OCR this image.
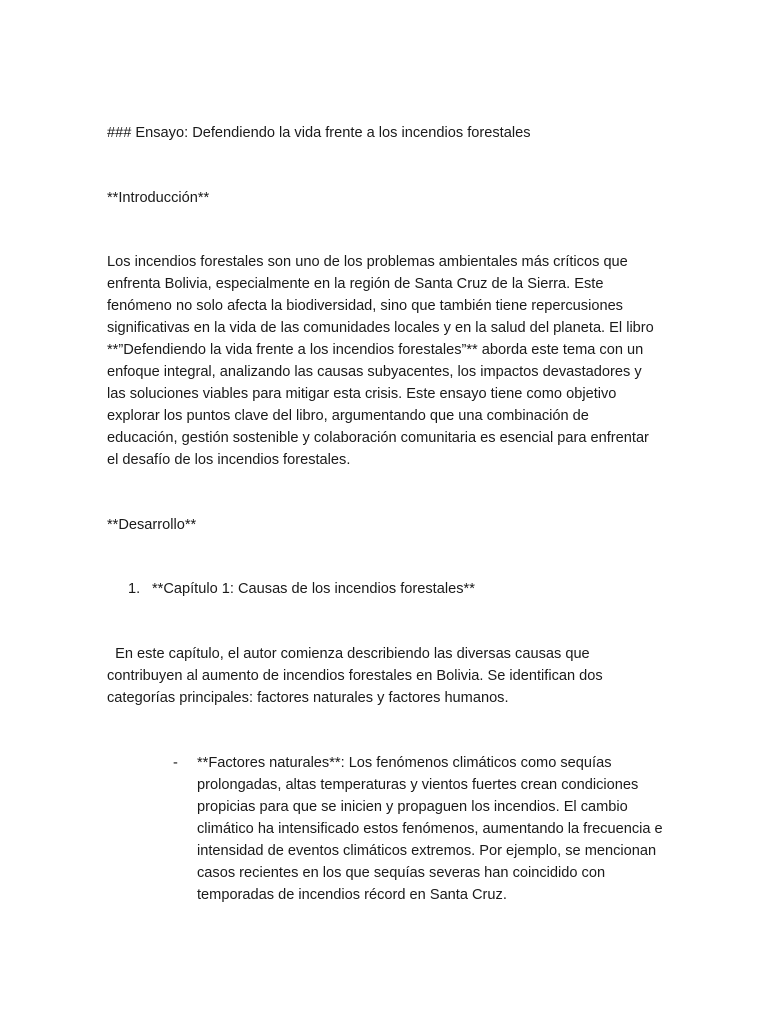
### Ensayo: Defendiendo la vida frente a los incendios forestales

**Introducción**

Los incendios forestales son uno de los problemas ambientales más críticos que enfrenta Bolivia, especialmente en la región de Santa Cruz de la Sierra. Este fenómeno no solo afecta la biodiversidad, sino que también tiene repercusiones significativas en la vida de las comunidades locales y en la salud del planeta. El libro **”Defendiendo la vida frente a los incendios forestales”** aborda este tema con un enfoque integral, analizando las causas subyacentes, los impactos devastadores y las soluciones viables para mitigar esta crisis. Este ensayo tiene como objetivo explorar los puntos clave del libro, argumentando que una combinación de educación, gestión sostenible y colaboración comunitaria es esencial para enfrentar el desafío de los incendios forestales.

**Desarrollo**

1. **Capítulo 1: Causas de los incendios forestales**

En este capítulo, el autor comienza describiendo las diversas causas que contribuyen al aumento de incendios forestales en Bolivia. Se identifican dos categorías principales: factores naturales y factores humanos.

- **Factores naturales**: Los fenómenos climáticos como sequías prolongadas, altas temperaturas y vientos fuertes crean condiciones propicias para que se inicien y propaguen los incendios. El cambio climático ha intensificado estos fenómenos, aumentando la frecuencia e intensidad de eventos climáticos extremos. Por ejemplo, se mencionan casos recientes en los que sequías severas han coincidido con temporadas de incendios récord en Santa Cruz.
